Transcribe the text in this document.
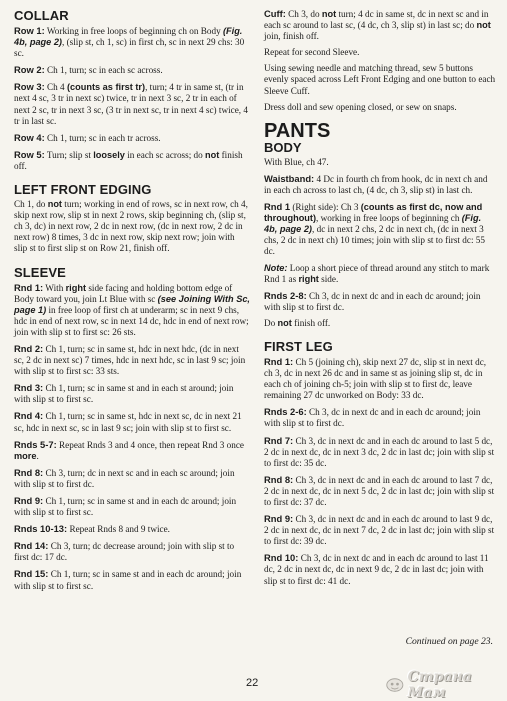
COLLAR

Row 1: Working in free loops of beginning ch on Body (Fig. 4b, page 2), (slip st, ch 1, sc) in first ch, sc in next 29 chs: 30 sc.

Row 2: Ch 1, turn; sc in each sc across.

Row 3: Ch 4 (counts as first tr), turn; 4 tr in same st, (tr in next 4 sc, 3 tr in next sc) twice, tr in next 3 sc, 2 tr in each of next 2 sc, tr in next 3 sc, (3 tr in next sc, tr in next 4 sc) twice, 4 tr in last sc.

Row 4: Ch 1, turn; sc in each tr across.

Row 5: Turn; slip st loosely in each sc across; do not finish off.

LEFT FRONT EDGING

Ch 1, do not turn; working in end of rows, sc in next row, ch 4, skip next row, slip st in next 2 rows, skip beginning ch, (slip st, ch 3, dc) in next row, 2 dc in next row, (dc in next row, 2 dc in next row) 8 times, 3 dc in next row, skip next row; join with slip st to first slip st on Row 21, finish off.

SLEEVE

Rnd 1: With right side facing and holding bottom edge of Body toward you, join Lt Blue with sc (see Joining With Sc, page 1) in free loop of first ch at underarm; sc in next 9 chs, hdc in end of next row, sc in next 14 dc, hdc in end of next row; join with slip st to first sc: 26 sts.

Rnd 2: Ch 1, turn; sc in same st, hdc in next hdc, (dc in next sc, 2 dc in next sc) 7 times, hdc in next hdc, sc in last 9 sc; join with slip st to first sc: 33 sts.

Rnd 3: Ch 1, turn; sc in same st and in each st around; join with slip st to first sc.

Rnd 4: Ch 1, turn; sc in same st, hdc in next sc, dc in next 21 sc, hdc in next sc, sc in last 9 sc; join with slip st to first sc.

Rnds 5-7: Repeat Rnds 3 and 4 once, then repeat Rnd 3 once more.

Rnd 8: Ch 3, turn; dc in next sc and in each sc around; join with slip st to first dc.

Rnd 9: Ch 1, turn; sc in same st and in each dc around; join with slip st to first sc.

Rnds 10-13: Repeat Rnds 8 and 9 twice.

Rnd 14: Ch 3, turn; dc decrease around; join with slip st to first dc: 17 dc.

Rnd 15: Ch 1, turn; sc in same st and in each dc around; join with slip st to first sc.

Cuff: Ch 3, do not turn; 4 dc in same st, dc in next sc and in each sc around to last sc, (4 dc, ch 3, slip st) in last sc; do not join, finish off.

Repeat for second Sleeve.

Using sewing needle and matching thread, sew 5 buttons evenly spaced across Left Front Edging and one button to each Sleeve Cuff.

Dress doll and sew opening closed, or sew on snaps.

PANTS
BODY

With Blue, ch 47.

Waistband: 4 Dc in fourth ch from hook, dc in next ch and in each ch across to last ch, (4 dc, ch 3, slip st) in last ch.

Rnd 1 (Right side): Ch 3 (counts as first dc, now and throughout), working in free loops of beginning ch (Fig. 4b, page 2), dc in next 2 chs, 2 dc in next ch, (dc in next 3 chs, 2 dc in next ch) 10 times; join with slip st to first dc: 55 dc.

Note: Loop a short piece of thread around any stitch to mark Rnd 1 as right side.

Rnds 2-8: Ch 3, dc in next dc and in each dc around; join with slip st to first dc.

Do not finish off.

FIRST LEG

Rnd 1: Ch 5 (joining ch), skip next 27 dc, slip st in next dc, ch 3, dc in next 26 dc and in same st as joining slip st, dc in each ch of joining ch-5; join with slip st to first dc, leave remaining 27 dc unworked on Body: 33 dc.

Rnds 2-6: Ch 3, dc in next dc and in each dc around; join with slip st to first dc.

Rnd 7: Ch 3, dc in next dc and in each dc around to last 5 dc, 2 dc in next dc, dc in next 3 dc, 2 dc in last dc; join with slip st to first dc: 35 dc.

Rnd 8: Ch 3, dc in next dc and in each dc around to last 7 dc, 2 dc in next dc, dc in next 5 dc, 2 dc in last dc; join with slip st to first dc: 37 dc.

Rnd 9: Ch 3, dc in next dc and in each dc around to last 9 dc, 2 dc in next dc, dc in next 7 dc, 2 dc in last dc; join with slip st to first dc: 39 dc.

Rnd 10: Ch 3, dc in next dc and in each dc around to last 11 dc, 2 dc in next dc, dc in next 9 dc, 2 dc in last dc; join with slip st to first dc: 41 dc.

Continued on page 23.
22	Страна Мам
